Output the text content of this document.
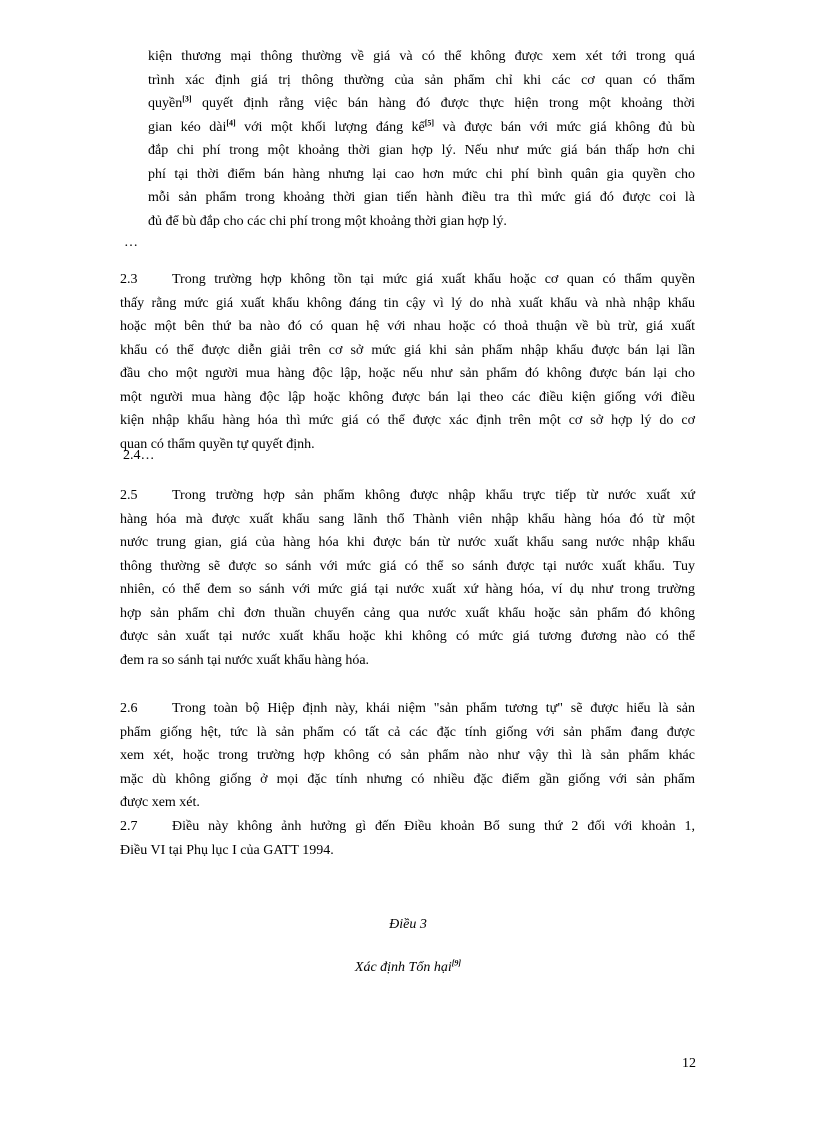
kiện thương mại thông thường về giá và có thể không được xem xét tới trong quá
trình xác định giá trị thông thường của sản phẩm chỉ khi các cơ quan có thẩm
quyền[3] quyết định rằng việc bán hàng đó được thực hiện trong một khoảng thời
gian kéo dài[4] với một khối lượng đáng kể[5] và được bán với mức giá không đủ bù
đắp chi phí trong một khoảng thời gian hợp lý. Nếu như mức giá bán thấp hơn chi
phí tại thời điểm bán hàng nhưng lại cao hơn mức chi phí bình quân gia quyền cho
mỗi sản phẩm trong khoảng thời gian tiến hành điều tra thì mức giá đó được coi là
đủ để bù đắp cho các chi phí trong một khoảng thời gian hợp lý.

…

2.3 Trong trường hợp không tồn tại mức giá xuất khẩu hoặc cơ quan có thẩm quyền
thấy rằng mức giá xuất khẩu không đáng tin cậy vì lý do nhà xuất khẩu và nhà nhập khẩu
hoặc một bên thứ ba nào đó có quan hệ với nhau hoặc có thoả thuận về bù trừ, giá xuất
khẩu có thể được diễn giải trên cơ sở mức giá khi sản phẩm nhập khẩu được bán lại lần
đầu cho một người mua hàng độc lập, hoặc nếu như sản phẩm đó không được bán lại cho
một người mua hàng độc lập hoặc không được bán lại theo các điều kiện giống với điều
kiện nhập khẩu hàng hóa thì mức giá có thể được xác định trên một cơ sở hợp lý do cơ
quan có thẩm quyền tự quyết định.

2.4…

2.5 Trong trường hợp sản phẩm không được nhập khẩu trực tiếp từ nước xuất xứ
hàng hóa mà được xuất khẩu sang lãnh thổ Thành viên nhập khẩu hàng hóa đó từ một
nước trung gian, giá của hàng hóa khi được bán từ nước xuất khẩu sang nước nhập khẩu
thông thường sẽ được so sánh với mức giá có thể so sánh được tại nước xuất khẩu. Tuy
nhiên, có thể đem so sánh với mức giá tại nước xuất xứ hàng hóa, ví dụ như trong trường
hợp sản phẩm chỉ đơn thuần chuyển cảng qua nước xuất khẩu hoặc sản phẩm đó không
được sản xuất tại nước xuất khẩu hoặc khi không có mức giá tương đương nào có thể
đem ra so sánh tại nước xuất khẩu hàng hóa.
2.6 Trong toàn bộ Hiệp định này, khái niệm "sản phẩm tương tự" sẽ được hiểu là sản
phẩm giống hệt, tức là sản phẩm có tất cả các đặc tính giống với sản phẩm đang được
xem xét, hoặc trong trường hợp không có sản phẩm nào như vậy thì là sản phẩm khác
mặc dù không giống ở mọi đặc tính nhưng có nhiều đặc điểm gần giống với sản phẩm
được xem xét.
2.7 Điều này không ảnh hưởng gì đến Điều khoản Bổ sung thứ 2 đối với khoản 1,
Điều VI tại Phụ lục I của GATT 1994.

Điều 3

Xác định Tổn hại[9]

12
